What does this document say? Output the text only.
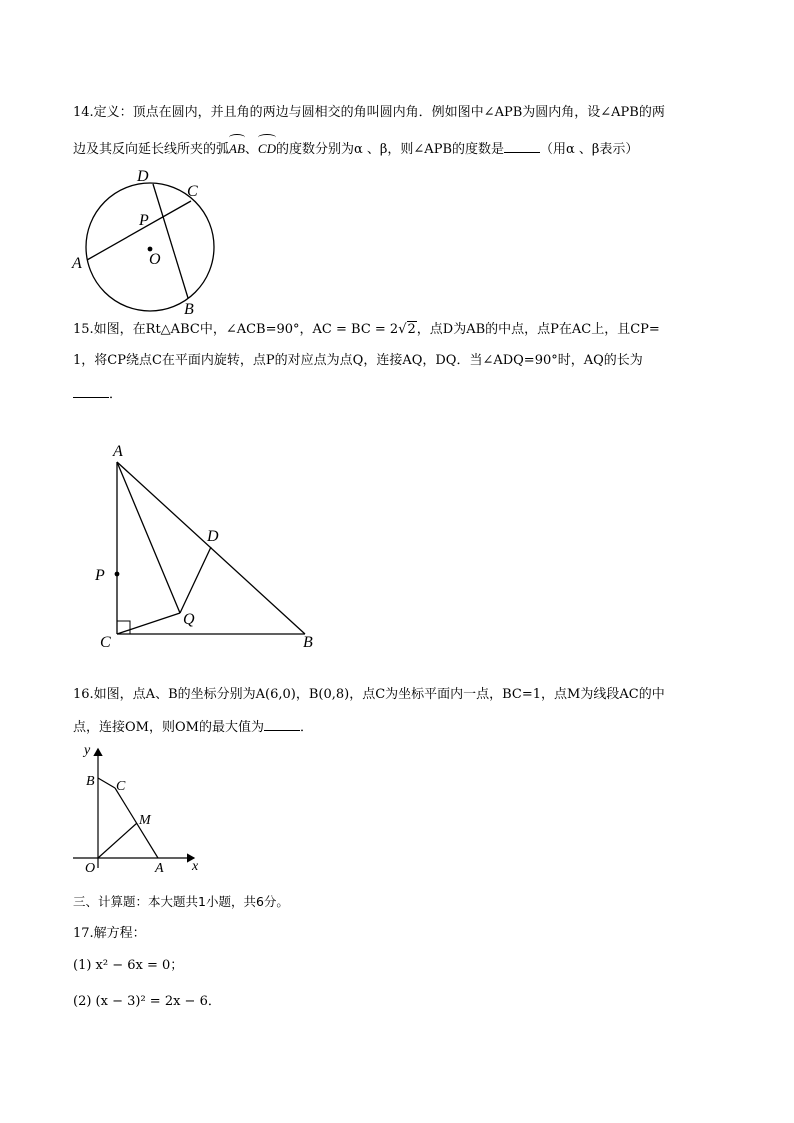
14.定义：顶点在圆内，并且角的两边与圆相交的角叫圆内角．例如图中∠APB为圆内角，设∠APB的两
边及其反向延长线所夹的弧
AB、
CD的度数分别为α 、β，则∠APB的度数是	（用α 、β表示）
D
C
P
A	O
B
15.如图，在Rt△ABC中，∠ACB=90°，AC = BC = 2√2，点D为AB的中点，点P在AC上，且CP=
1，将CP绕点C在平面内旋转，点P的对应点为点Q，连接AQ，DQ．当∠ADQ=90°时，AQ的长为
．
A
D
P
Q
C	B
16.如图，点A、B的坐标分别为A(6,0)，B(0,8)，点C为坐标平面内一点，BC=1，点M为线段AC的中
点，连接OM，则OM的最大值为	．
y
B C
M
O	A x
三、计算题：本大题共1小题，共6分。
17.解方程：
(1) x² − 6x = 0；
(2) (x − 3)² = 2x − 6．
